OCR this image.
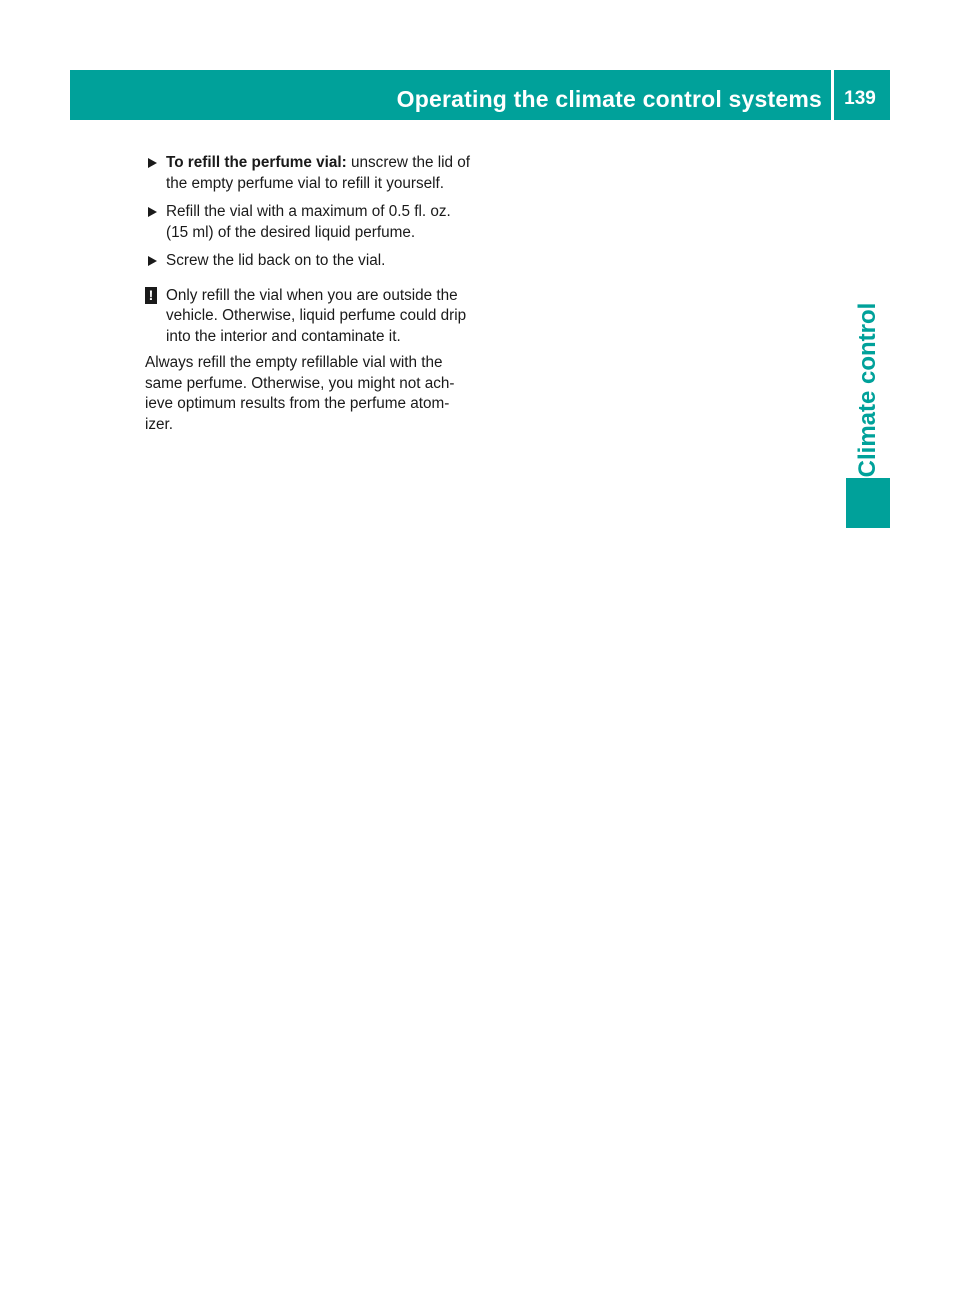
Operating the climate control systems	139
Climate control
To refill the perfume vial: unscrew the lid of
the empty perfume vial to refill it yourself.
Refill the vial with a maximum of 0.5 fl. oz.
(15 ml) of the desired liquid perfume.
Screw the lid back on to the vial.
! Only refill the vial when you are outside the
vehicle. Otherwise, liquid perfume could drip
into the interior and contaminate it.
Always refill the empty refillable vial with the
same perfume. Otherwise, you might not ach-
ieve optimum results from the perfume atom-
izer.
